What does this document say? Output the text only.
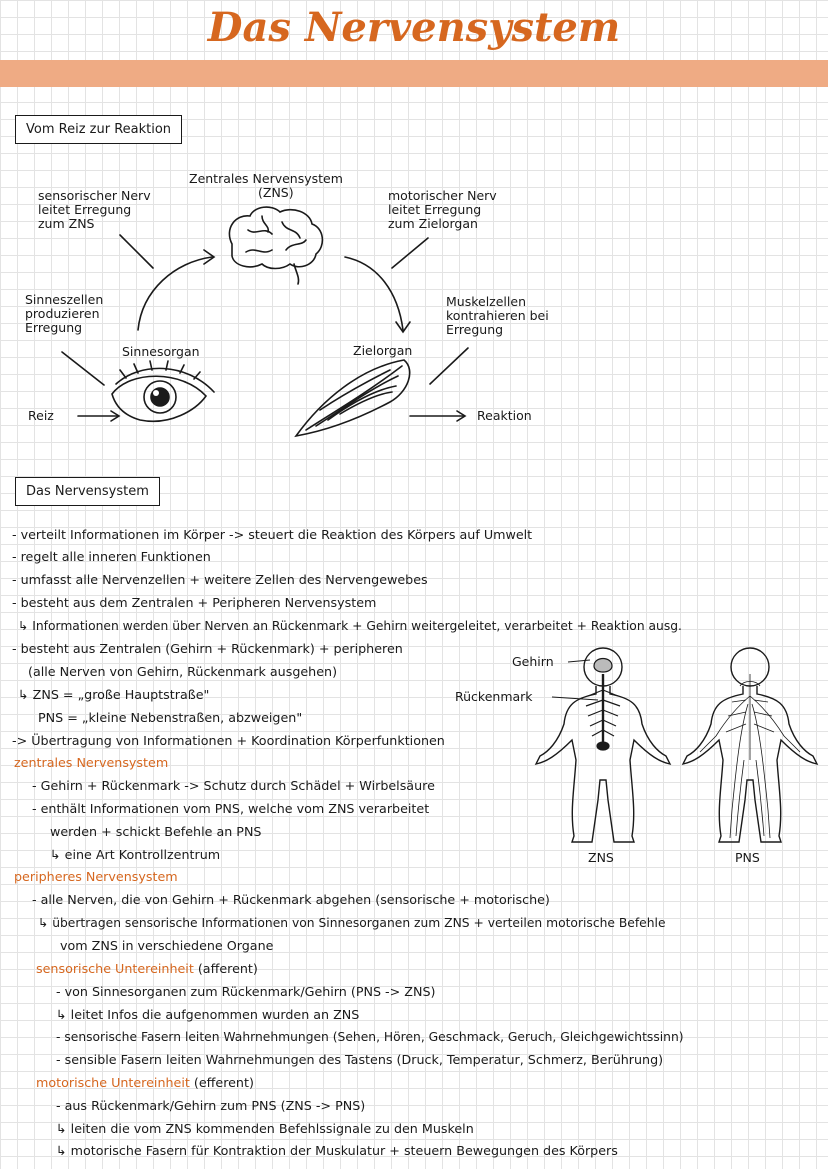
Das Nervensystem
Vom Reiz zur Reaktion
Zentrales Nervensystem
(ZNS)
sensorischer Nerv
leitet Erregung
zum ZNS
motorischer Nerv
leitet Erregung
zum Zielorgan
Sinneszellen
produzieren
Erregung
Muskelzellen
kontrahieren bei
Erregung
Sinnesorgan	Zielorgan
Reiz	Reaktion
Gehirn
Rückenmark
ZNS	PNS
Das Nervensystem
- verteilt Informationen im Körper -> steuert die Reaktion des Körpers auf Umwelt
- regelt alle inneren Funktionen
- umfasst alle Nervenzellen + weitere Zellen des Nervengewebes
- besteht aus dem Zentralen + Peripheren Nervensystem
↳ Informationen werden über Nerven an Rückenmark + Gehirn weitergeleitet, verarbeitet + Reaktion ausg.
- besteht aus Zentralen (Gehirn + Rückenmark) + peripheren
(alle Nerven von Gehirn, Rückenmark ausgehen)
↳ ZNS = „große Hauptstraße"
PNS = „kleine Nebenstraßen, abzweigen"
-> Übertragung von Informationen + Koordination Körperfunktionen
zentrales Nervensystem
- Gehirn + Rückenmark -> Schutz durch Schädel + Wirbelsäure
- enthält Informationen vom PNS, welche vom ZNS verarbeitet
werden + schickt Befehle an PNS
↳ eine Art Kontrollzentrum
peripheres Nervensystem
- alle Nerven, die von Gehirn + Rückenmark abgehen (sensorische + motorische)
↳ übertragen sensorische Informationen von Sinnesorganen zum ZNS + verteilen motorische Befehle
vom ZNS in verschiedene Organe
sensorische Untereinheit (afferent)
- von Sinnesorganen zum Rückenmark/Gehirn (PNS -> ZNS)
↳ leitet Infos die aufgenommen wurden an ZNS
- sensorische Fasern leiten Wahrnehmungen (Sehen, Hören, Geschmack, Geruch, Gleichgewichtssinn)
- sensible Fasern leiten Wahrnehmungen des Tastens (Druck, Temperatur, Schmerz, Berührung)
motorische Untereinheit (efferent)
- aus Rückenmark/Gehirn zum PNS (ZNS -> PNS)
↳ leiten die vom ZNS kommenden Befehlssignale zu den Muskeln
↳ motorische Fasern für Kontraktion der Muskulatur + steuern Bewegungen des Körpers
